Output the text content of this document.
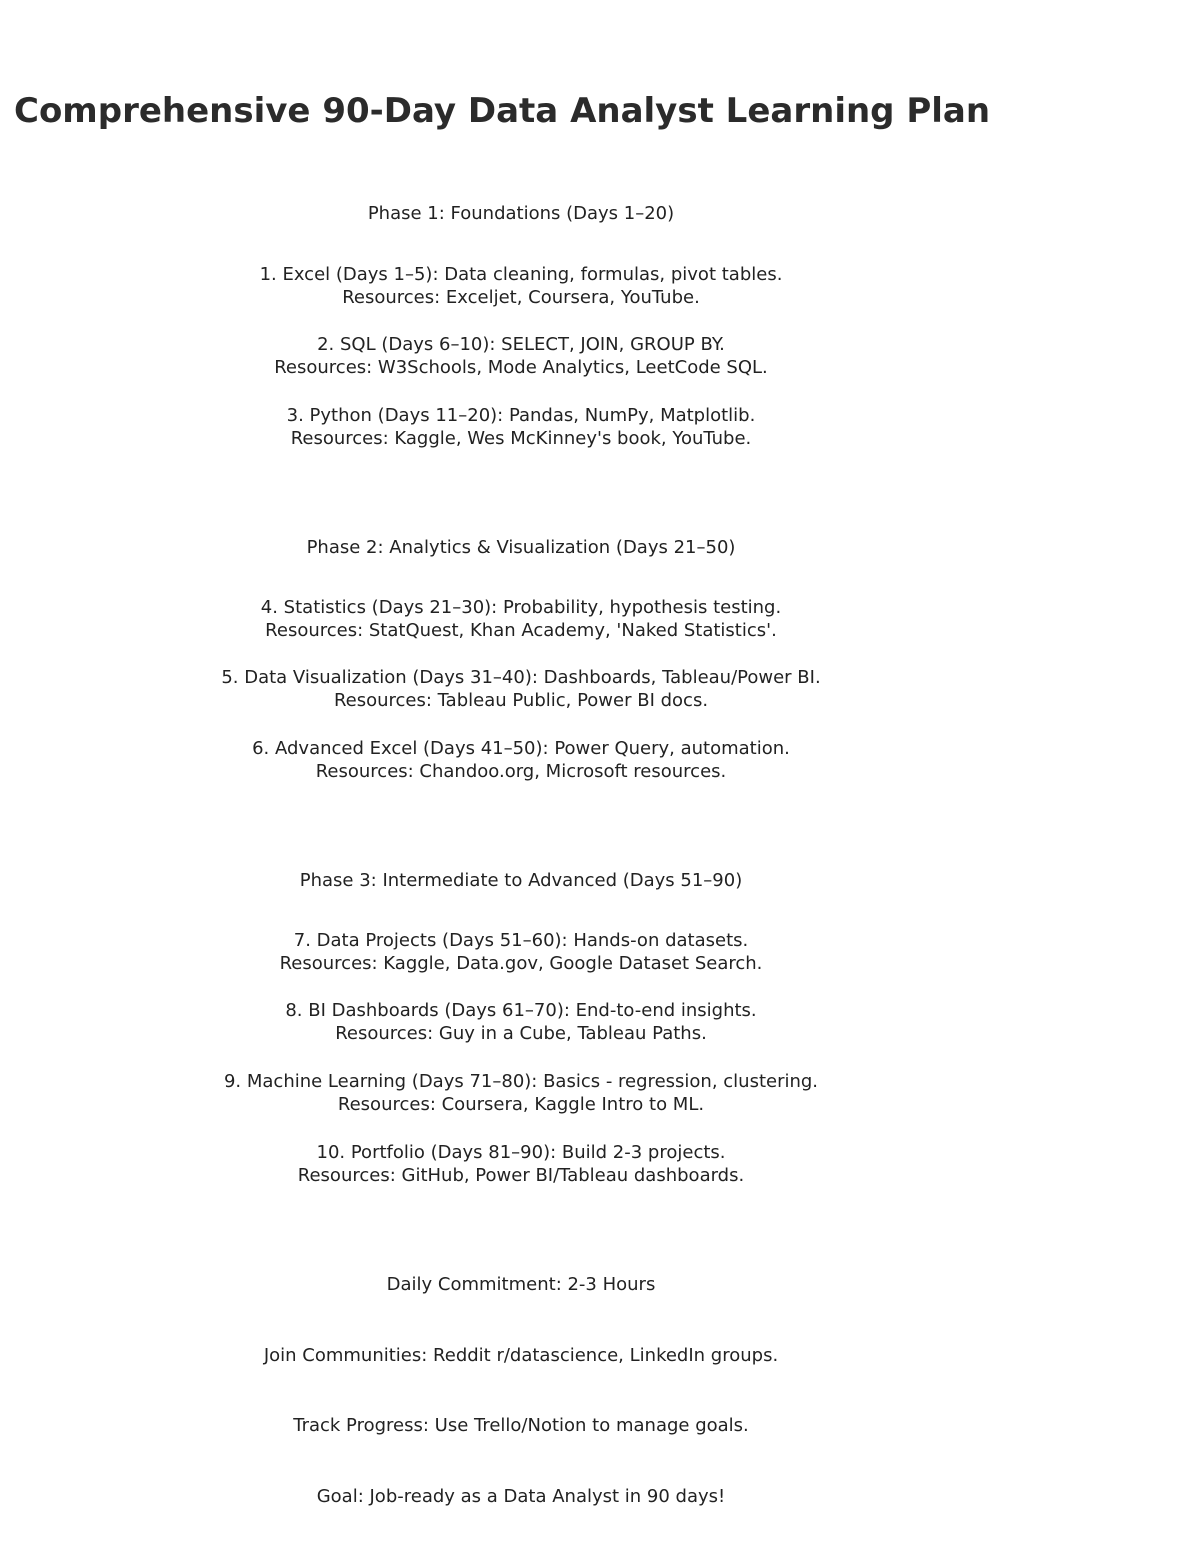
Comprehensive 90-Day Data Analyst Learning Plan
Phase 1: Foundations (Days 1–20)
1. Excel (Days 1–5): Data cleaning, formulas, pivot tables.
Resources: Exceljet, Coursera, YouTube.
2. SQL (Days 6–10): SELECT, JOIN, GROUP BY.
Resources: W3Schools, Mode Analytics, LeetCode SQL.
3. Python (Days 11–20): Pandas, NumPy, Matplotlib.
Resources: Kaggle, Wes McKinney's book, YouTube.
Phase 2: Analytics & Visualization (Days 21–50)
4. Statistics (Days 21–30): Probability, hypothesis testing.
Resources: StatQuest, Khan Academy, 'Naked Statistics'.
5. Data Visualization (Days 31–40): Dashboards, Tableau/Power BI.
Resources: Tableau Public, Power BI docs.
6. Advanced Excel (Days 41–50): Power Query, automation.
Resources: Chandoo.org, Microsoft resources.
Phase 3: Intermediate to Advanced (Days 51–90)
7. Data Projects (Days 51–60): Hands-on datasets.
Resources: Kaggle, Data.gov, Google Dataset Search.
8. BI Dashboards (Days 61–70): End-to-end insights.
Resources: Guy in a Cube, Tableau Paths.
9. Machine Learning (Days 71–80): Basics - regression, clustering.
Resources: Coursera, Kaggle Intro to ML.
10. Portfolio (Days 81–90): Build 2-3 projects.
Resources: GitHub, Power BI/Tableau dashboards.
Daily Commitment: 2-3 Hours
Join Communities: Reddit r/datascience, LinkedIn groups.
Track Progress: Use Trello/Notion to manage goals.
Goal: Job-ready as a Data Analyst in 90 days!
